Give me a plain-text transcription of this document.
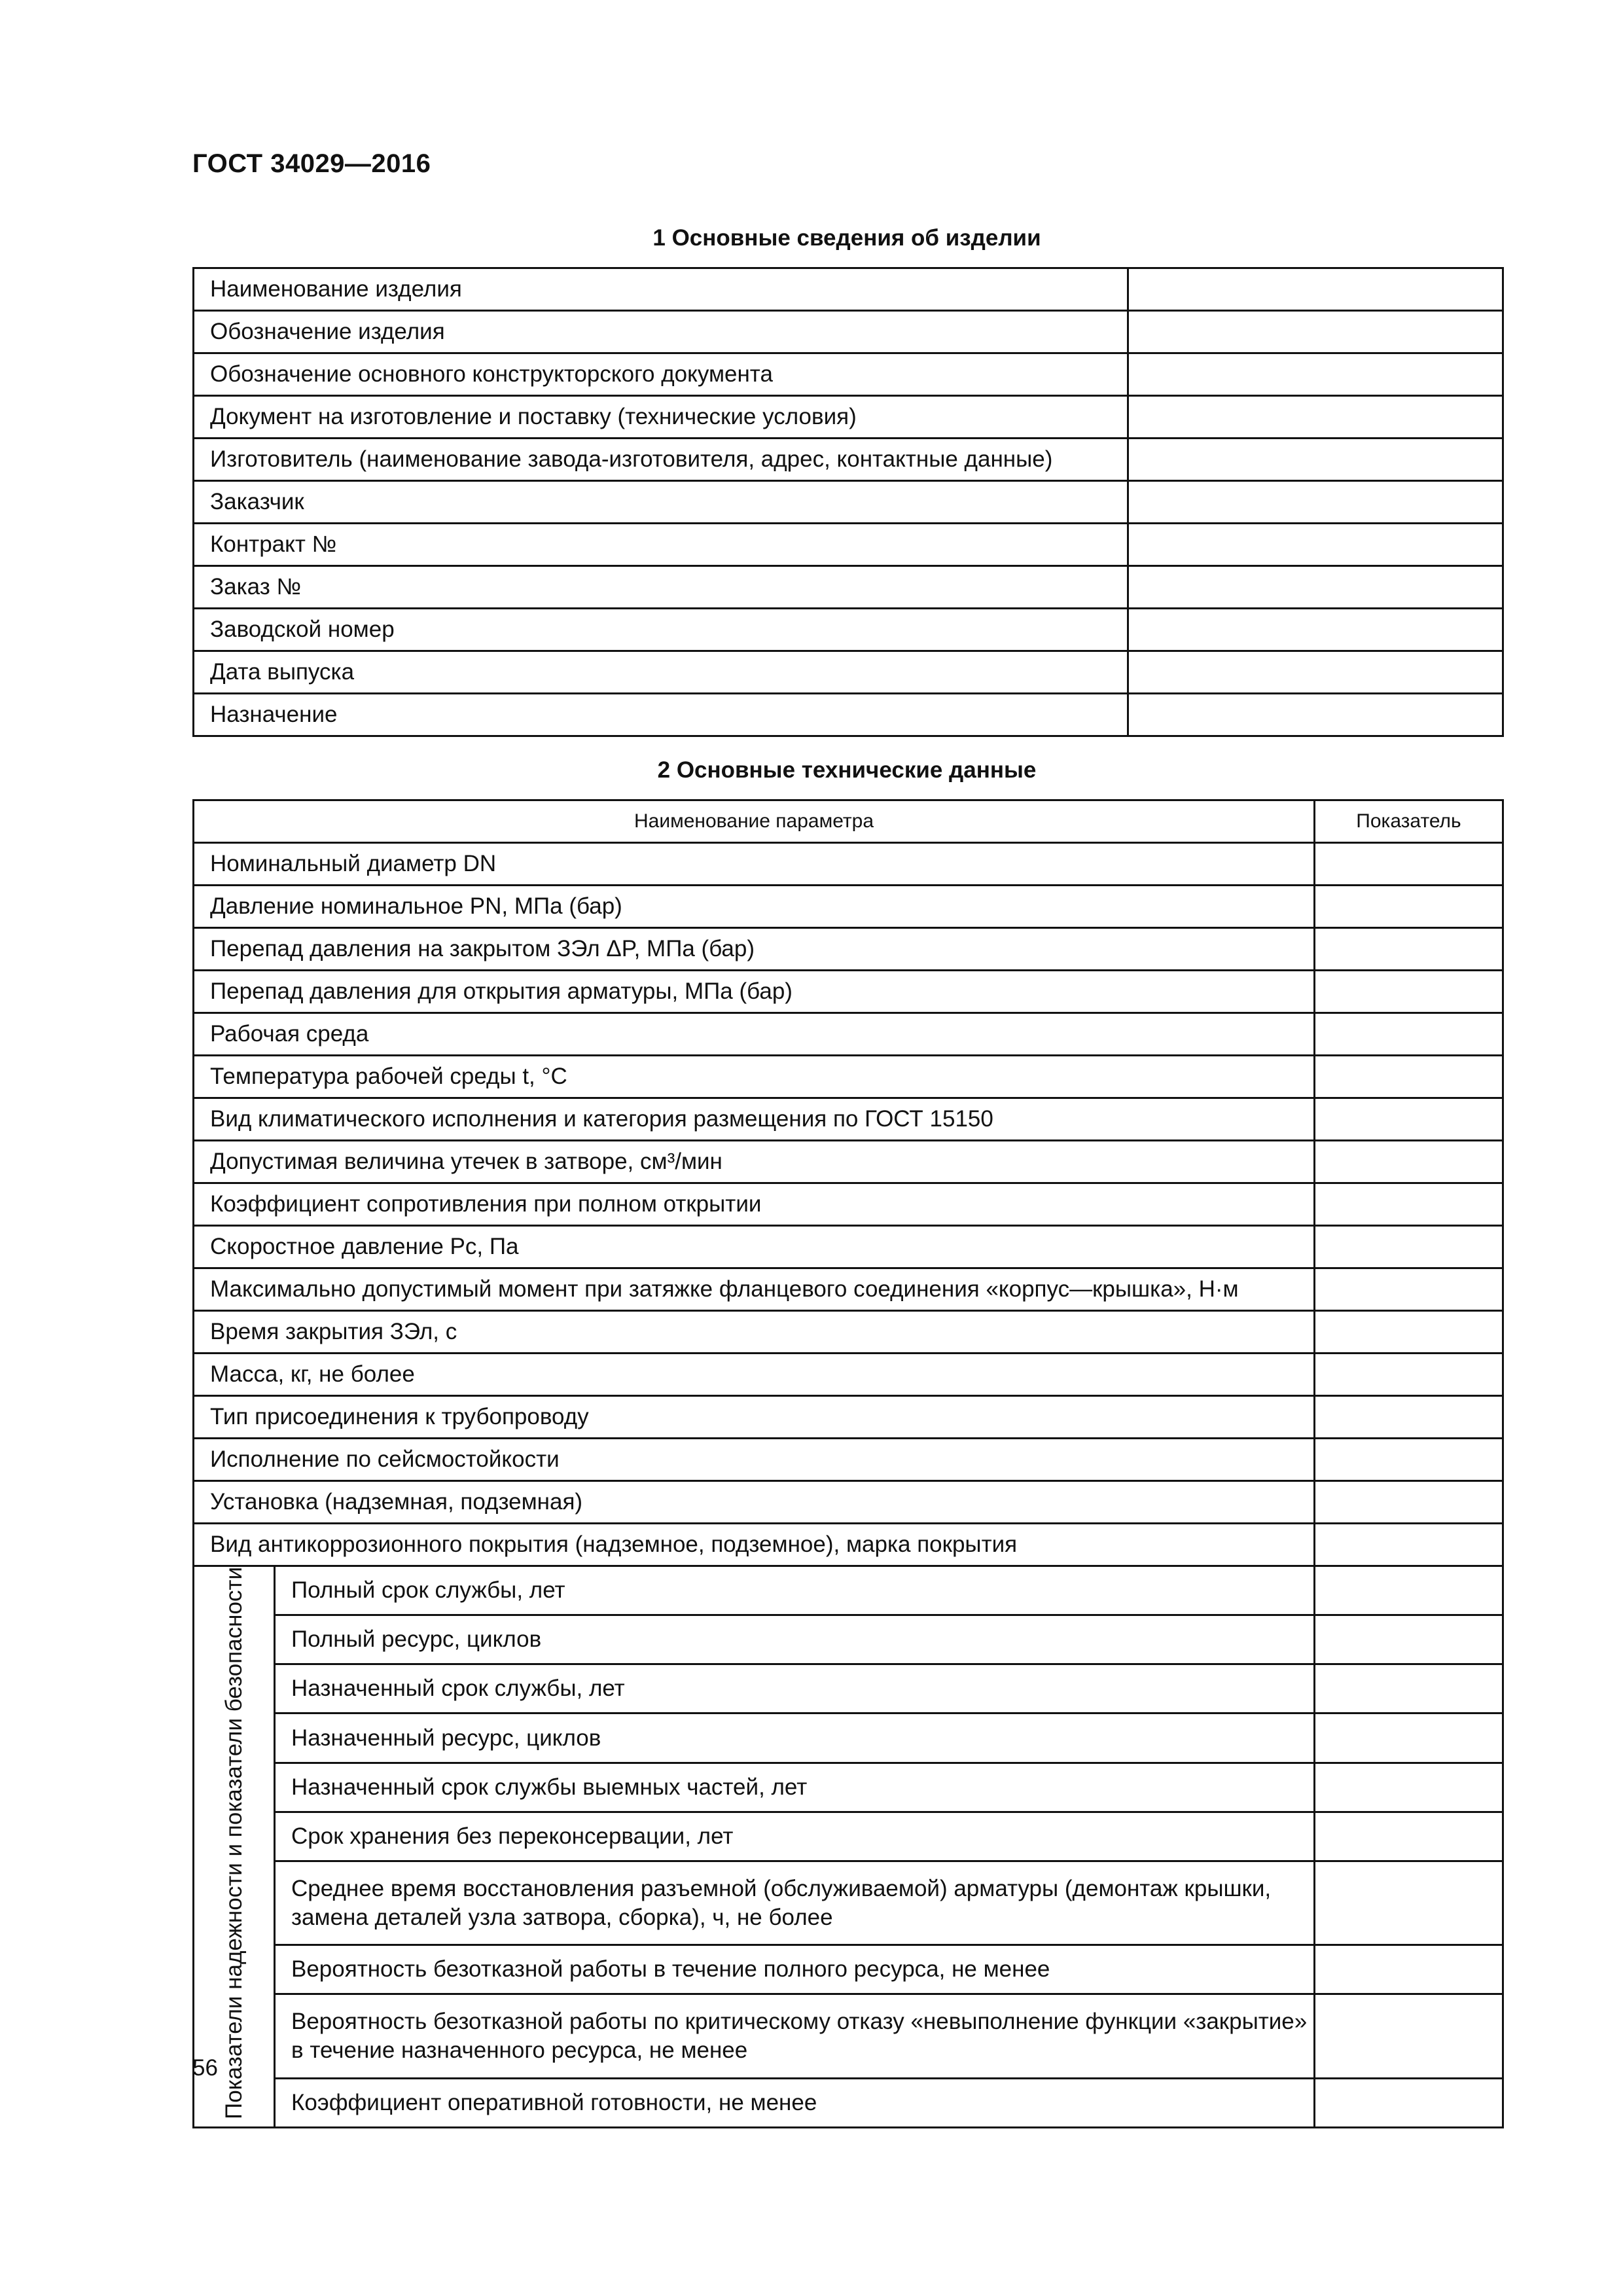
ГОСТ 34029—2016
1 Основные сведения об изделии
Наименование изделия	
Обозначение изделия	
Обозначение основного конструкторского документа	
Документ на изготовление и поставку (технические условия)	
Изготовитель (наименование завода-изготовителя, адрес, контактные данные)	
Заказчик	
Контракт №	
Заказ №	
Заводской номер	
Дата выпуска	
Назначение	
2 Основные технические данные
Наименование параметра		Показатель
Номинальный диаметр DN		
Давление номинальное PN, МПа (бар)		
Перепад давления на закрытом ЗЭл ΔP, МПа (бар)		
Перепад давления для открытия арматуры, МПа (бар)		
Рабочая среда		
Температура рабочей среды t, °С		
Вид климатического исполнения и категория размещения по ГОСТ 15150		
Допустимая величина утечек в затворе, см³/мин		
Коэффициент сопротивления при полном открытии		
Скоростное давление Pс, Па		
Максимально допустимый момент при затяжке фланцевого соединения «корпус—крышка», Н·м		
Время закрытия ЗЭл, с		
Масса, кг, не более		
Тип присоединения к трубопроводу		
Исполнение по сейсмостойкости		
Установка (надземная, подземная)		
Вид антикоррозионного покрытия (надземное, подземное), марка покрытия		
Показатели надежности и показатели безопасности	Полный срок службы, лет	
	Полный ресурс, циклов	
	Назначенный срок службы, лет	
	Назначенный ресурс, циклов	
	Назначенный срок службы выемных частей, лет	
	Срок хранения без переконсервации, лет	
	Среднее время восстановления разъемной (обслуживаемой) арматуры (демонтаж крышки, замена деталей узла затвора, сборка), ч, не более	
	Вероятность безотказной работы в течение полного ресурса, не менее	
	Вероятность безотказной работы по критическому отказу «невыполнение функции «закрытие» в течение назначенного ресурса, не менее	
	Коэффициент оперативной готовности, не менее	
56
